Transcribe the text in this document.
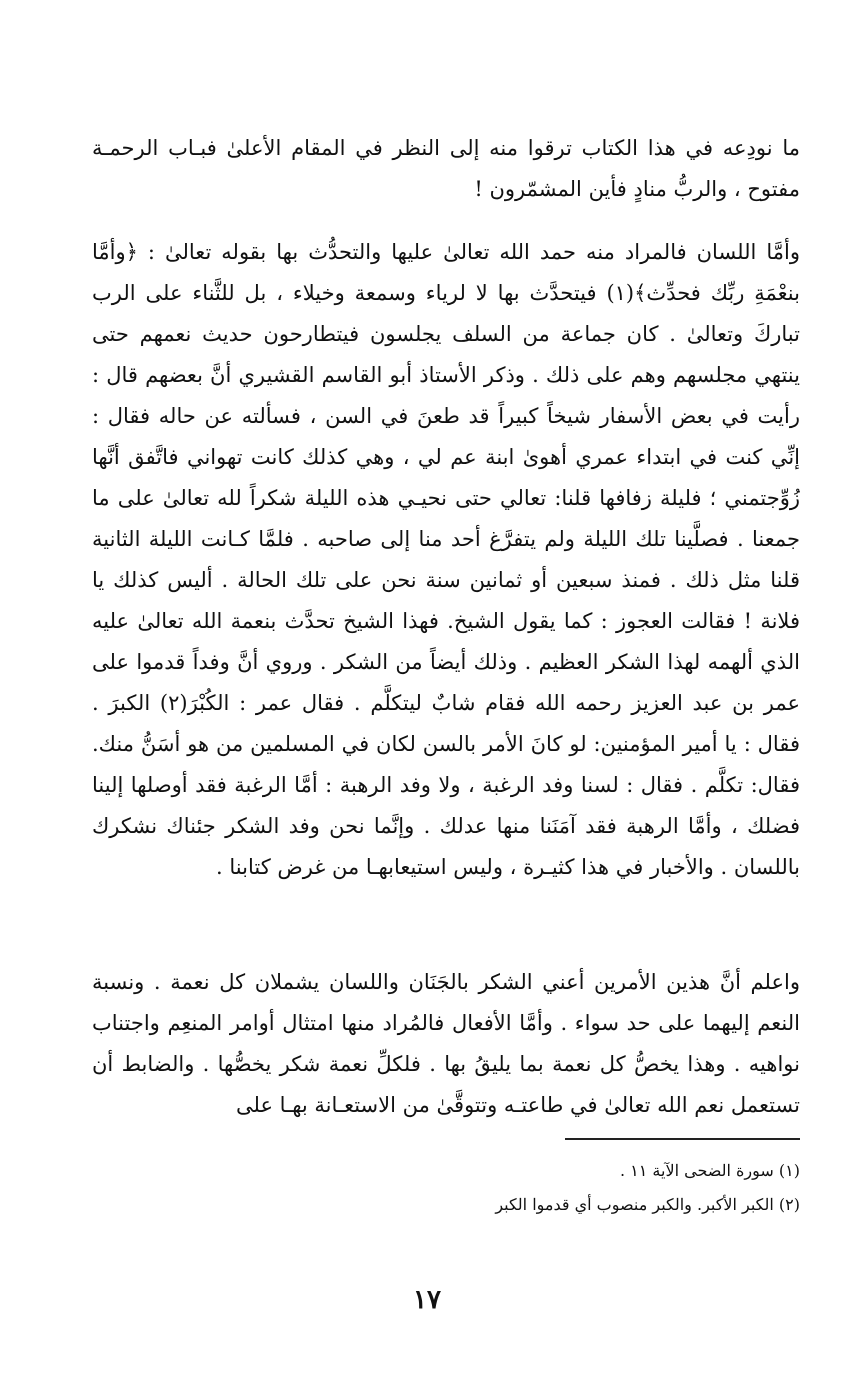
ما نودِعه في هذا الكتاب ترقوا منه إلى النظر في المقام الأعلىٰ فبـاب الرحمـة مفتوح ، والربُّ منادٍ فأين المشمّرون !

وأمَّا اللسان فالمراد منه حمد الله تعالىٰ عليها والتحدُّث بها بقوله تعالىٰ : ﴿وأمَّا بنعْمَةِ ربِّك فحدِّث﴾(١) فيتحدَّث بها لا لرياء وسمعة وخيلاء ، بل للثَّناء على الرب تباركَ وتعالىٰ . كان جماعة من السلف يجلسون فيتطارحون حديث نعمهم حتى ينتهي مجلسهم وهم على ذلك . وذكر الأستاذ أبو القاسم القشيري أنَّ بعضهم قال : رأيت في بعض الأسفار شيخاً كبيراً قد طعنَ في السن ، فسألته عن حاله فقال : إنِّي كنت في ابتداء عمري أهوىٰ ابنة عم لي ، وهي كذلك كانت تهواني فاتَّفق أنَّها زُوِّجتمني ؛ فليلة زفافها قلنا: تعالي حتى نحيـي هذه الليلة شكراً لله تعالىٰ على ما جمعنا . فصلَّينا تلك الليلة ولم يتفرَّغ أحد منا إلى صاحبه . فلمَّا كـانت الليلة الثانية قلنا مثل ذلك . فمنذ سبعين أو ثمانين سنة نحن على تلك الحالة . أليس كذلك يا فلانة ! فقالت العجوز : كما يقول الشيخ. فهذا الشيخ تحدَّث بنعمة الله تعالىٰ عليه الذي ألهمه لهذا الشكر العظيم . وذلك أيضاً من الشكر . وروي أنَّ وفداً قدموا على عمر بن عبد العزيز رحمه الله فقام شابٌ ليتكلَّم . فقال عمر : الكُبْرَ(٢) الكبرَ . فقال : يا أمير المؤمنين: لو كانَ الأمر بالسن لكان في المسلمين من هو أسَنُّ منك. فقال: تكلَّم . فقال : لسنا وفد الرغبة ، ولا وفد الرهبة : أمَّا الرغبة فقد أوصلها إلينا فضلك ، وأمَّا الرهبة فقد آمَنَنا منها عدلك . وإنَّما نحن وفد الشكر جئناك نشكرك باللسان . والأخبار في هذا كثيـرة ، وليس استيعابهـا من غرض كتابنا .

واعلم أنَّ هذين الأمرين أعني الشكر بالجَنَان واللسان يشملان كل نعمة . ونسبة النعم إليهما على حد سواء . وأمَّا الأفعال فالمُراد منها امتثال أوامر المنعِم واجتناب نواهيه . وهذا يخصُّ كل نعمة بما يليقُ بها . فلكلِّ نعمة شكر يخصُّها . والضابط أن تستعمل نعم الله تعالىٰ في طاعتـه وتتوقَّىٰ من الاستعـانة بهـا على

(١) سورة الضحى الآية ١١ .

(٢) الكبر الأكبر. والكبر منصوب أي قدموا الكبر

١٧
